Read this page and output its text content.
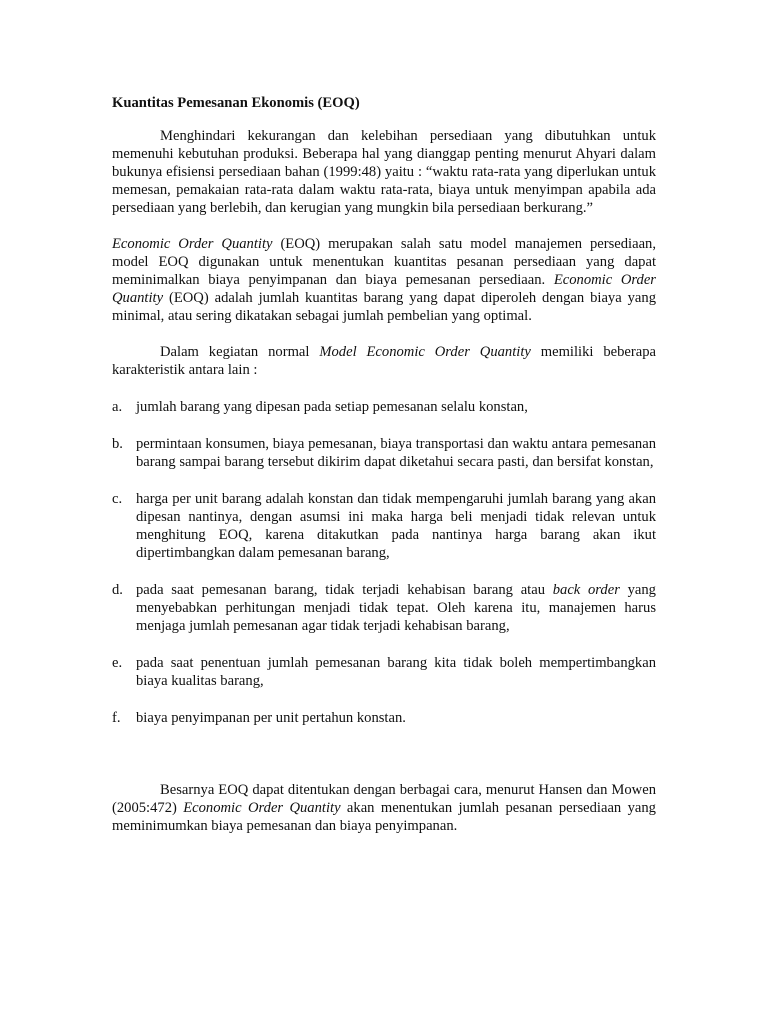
Kuantitas Pemesanan Ekonomis (EOQ)

Menghindari kekurangan dan kelebihan persediaan yang dibutuhkan untuk memenuhi kebutuhan produksi. Beberapa hal yang dianggap penting menurut Ahyari dalam bukunya efisiensi persediaan bahan (1999:48) yaitu : “waktu rata-rata yang diperlukan untuk memesan, pemakaian rata-rata dalam waktu rata-rata, biaya untuk menyimpan apabila ada persediaan yang berlebih, dan kerugian yang mungkin bila persediaan berkurang.”

Economic Order Quantity (EOQ) merupakan salah satu model manajemen persediaan, model EOQ digunakan untuk menentukan kuantitas pesanan persediaan yang dapat meminimalkan biaya penyimpanan dan biaya pemesanan persediaan. Economic Order Quantity (EOQ) adalah jumlah kuantitas barang yang dapat diperoleh dengan biaya yang minimal, atau sering dikatakan sebagai jumlah pembelian yang optimal.

Dalam kegiatan normal Model Economic Order Quantity memiliki beberapa karakteristik antara lain :

a. jumlah barang yang dipesan pada setiap pemesanan selalu konstan,
b. permintaan konsumen, biaya pemesanan, biaya transportasi dan waktu antara pemesanan barang sampai barang tersebut dikirim dapat diketahui secara pasti, dan bersifat konstan,
c. harga per unit barang adalah konstan dan tidak mempengaruhi jumlah barang yang akan dipesan nantinya, dengan asumsi ini maka harga beli menjadi tidak relevan untuk menghitung EOQ, karena ditakutkan pada nantinya harga barang akan ikut dipertimbangkan dalam pemesanan barang,
d. pada saat pemesanan barang, tidak terjadi kehabisan barang atau back order yang menyebabkan perhitungan menjadi tidak tepat. Oleh karena itu, manajemen harus menjaga jumlah pemesanan agar tidak terjadi kehabisan barang,
e. pada saat penentuan jumlah pemesanan barang kita tidak boleh mempertimbangkan biaya kualitas barang,
f. biaya penyimpanan per unit pertahun konstan.

Besarnya EOQ dapat ditentukan dengan berbagai cara, menurut Hansen dan Mowen (2005:472) Economic Order Quantity akan menentukan jumlah pesanan persediaan yang meminimumkan biaya pemesanan dan biaya penyimpanan.
